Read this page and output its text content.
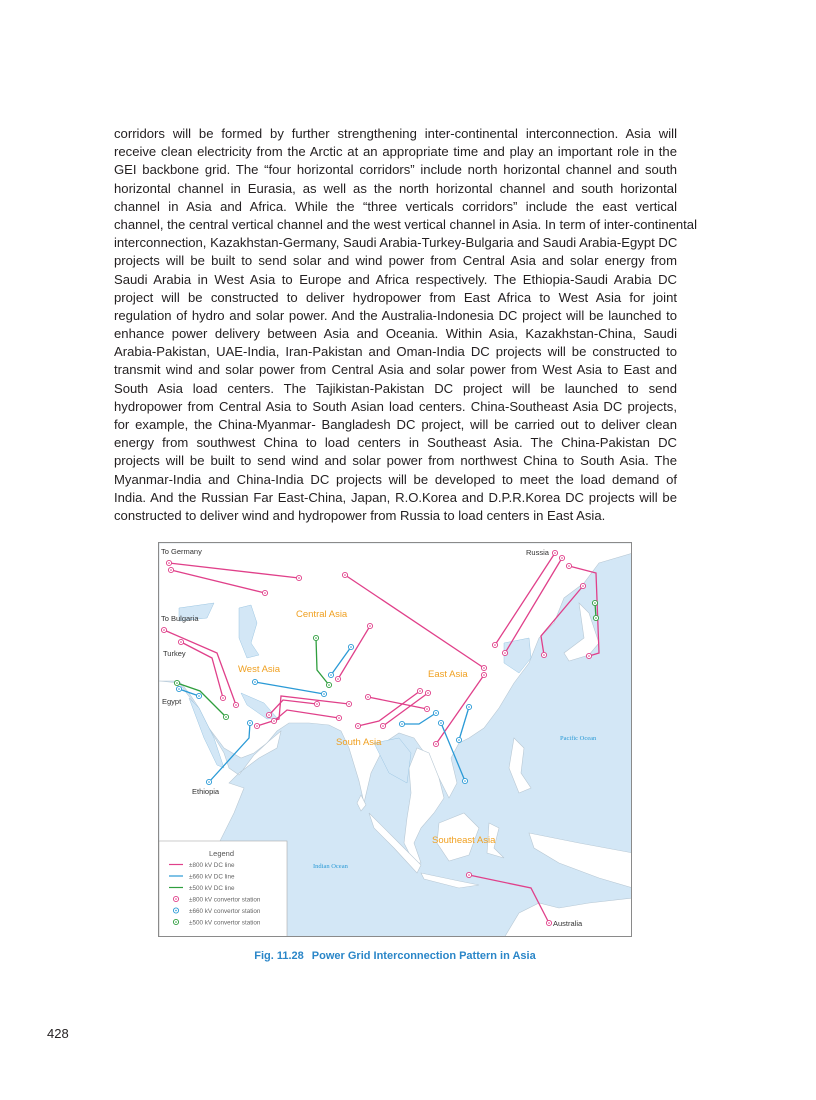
corridors will be formed by further strengthening inter-continental interconnection. Asia will
receive clean electricity from the Arctic at an appropriate time and play an important role in the
GEI backbone grid. The “four horizontal corridors” include north horizontal channel and south
horizontal channel in Eurasia, as well as the north horizontal channel and south horizontal
channel in Asia and Africa. While the “three verticals corridors” include the east vertical
channel, the central vertical channel and the west vertical channel in Asia. In term of inter-continental
interconnection, Kazakhstan-Germany, Saudi Arabia-Turkey-Bulgaria and Saudi Arabia-Egypt DC
projects will be built to send solar and wind power from Central Asia and solar energy from
Saudi Arabia in West Asia to Europe and Africa respectively. The Ethiopia-Saudi Arabia DC
project will be constructed to deliver hydropower from East Africa to West Asia for joint
regulation of hydro and solar power. And the Australia-Indonesia DC project will be launched to
enhance power delivery between Asia and Oceania. Within Asia, Kazakhstan-China, Saudi
Arabia-Pakistan, UAE-India, Iran-Pakistan and Oman-India DC projects will be constructed to
transmit wind and solar power from Central Asia and solar power from West Asia to East and
South Asia load centers. The Tajikistan-Pakistan DC project will be launched to send
hydropower from Central Asia to South Asian load centers. China-Southeast Asia DC projects,
for example, the China-Myanmar- Bangladesh DC project, will be carried out to deliver clean
energy from southwest China to load centers in Southeast Asia. The China-Pakistan DC
projects will be built to send wind and solar power from northwest China to South Asia. The
Myanmar-India and China-India DC projects will be developed to meet the load demand of
India. And the Russian Far East-China, Japan, R.O.Korea and D.P.R.Korea DC projects will be
constructed to deliver wind and hydropower from Russia to load centers in East Asia.
To Germany
To Bulgaria
Turkey
Egypt
Ethiopia
Russia
Australia
Central Asia
West Asia	East Asia
South Asia
Southeast Asia
Pacific Ocean
Indian Ocean
Legend
±800 kV DC line
±660 kV DC line
±500 kV DC line
±800 kV convertor station
±660 kV convertor station
±500 kV convertor station
Fig. 11.28 Power Grid Interconnection Pattern in Asia
428
